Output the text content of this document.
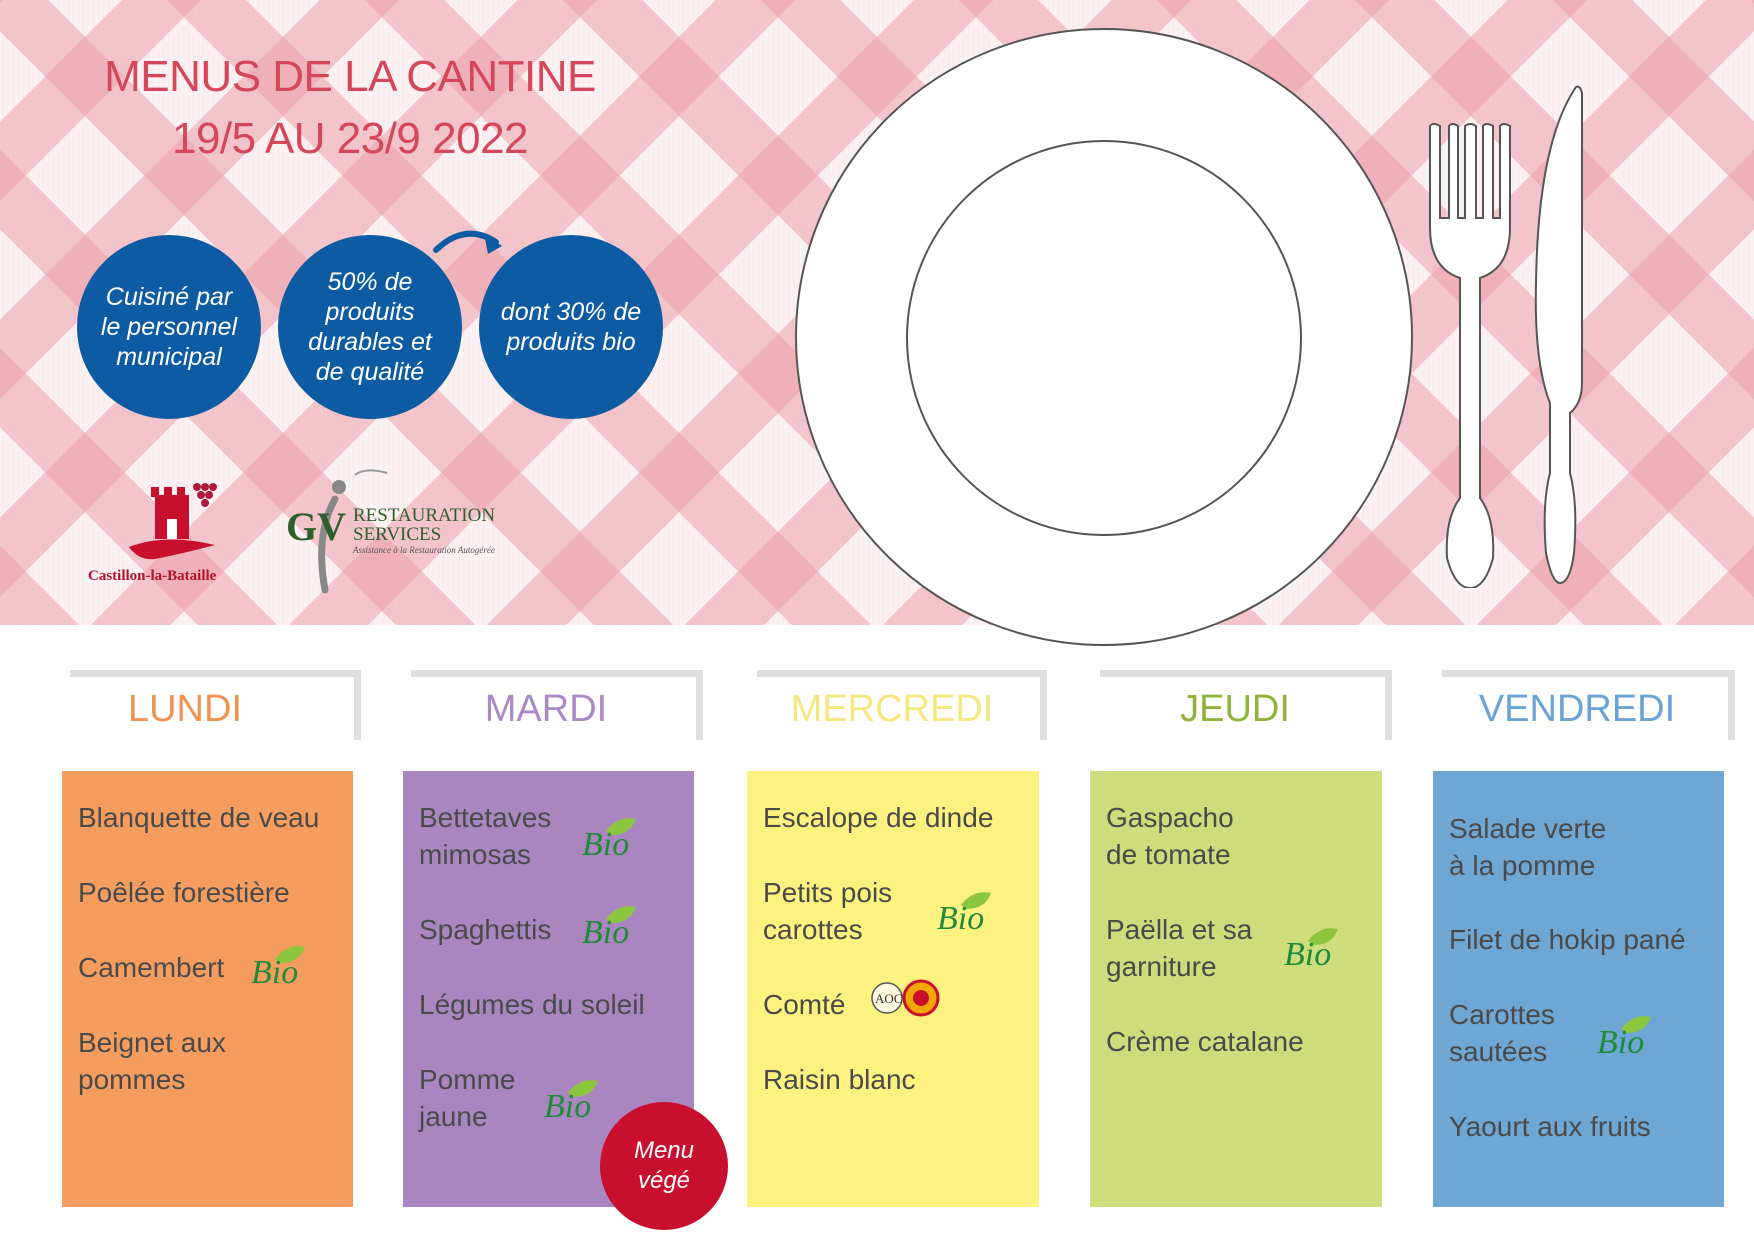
MENUS DE LA CANTINE
19/5 AU 23/9 2022
Cuisiné par le personnel municipal
50% de produits durables et de qualité
dont 30% de produits bio
Castillon-la-Bataille
GV RESTAURATION
SERVICES
Assistance à la Restauration Autogérée
LUNDI	MARDI	MERCREDI	JEUDI	VENDREDI
Blanquette de veau
Poêlée forestière
Camembert Bio
Beignet aux
pommes
Bettetaves
mimosas	Bio
Spaghettis Bio
Légumes du soleil
Pomme
jaune	Bio
Escalope de dinde
Petits pois
carottes	Bio
Comté	AOC
Raisin blanc
Gaspacho
de tomate
Paëlla et sa
garniture	Bio
Crème catalane
Salade verte
à la pomme
Filet de hokip pané
Carottes
sautées	Bio
Yaourt aux fruits
Menu
végé
